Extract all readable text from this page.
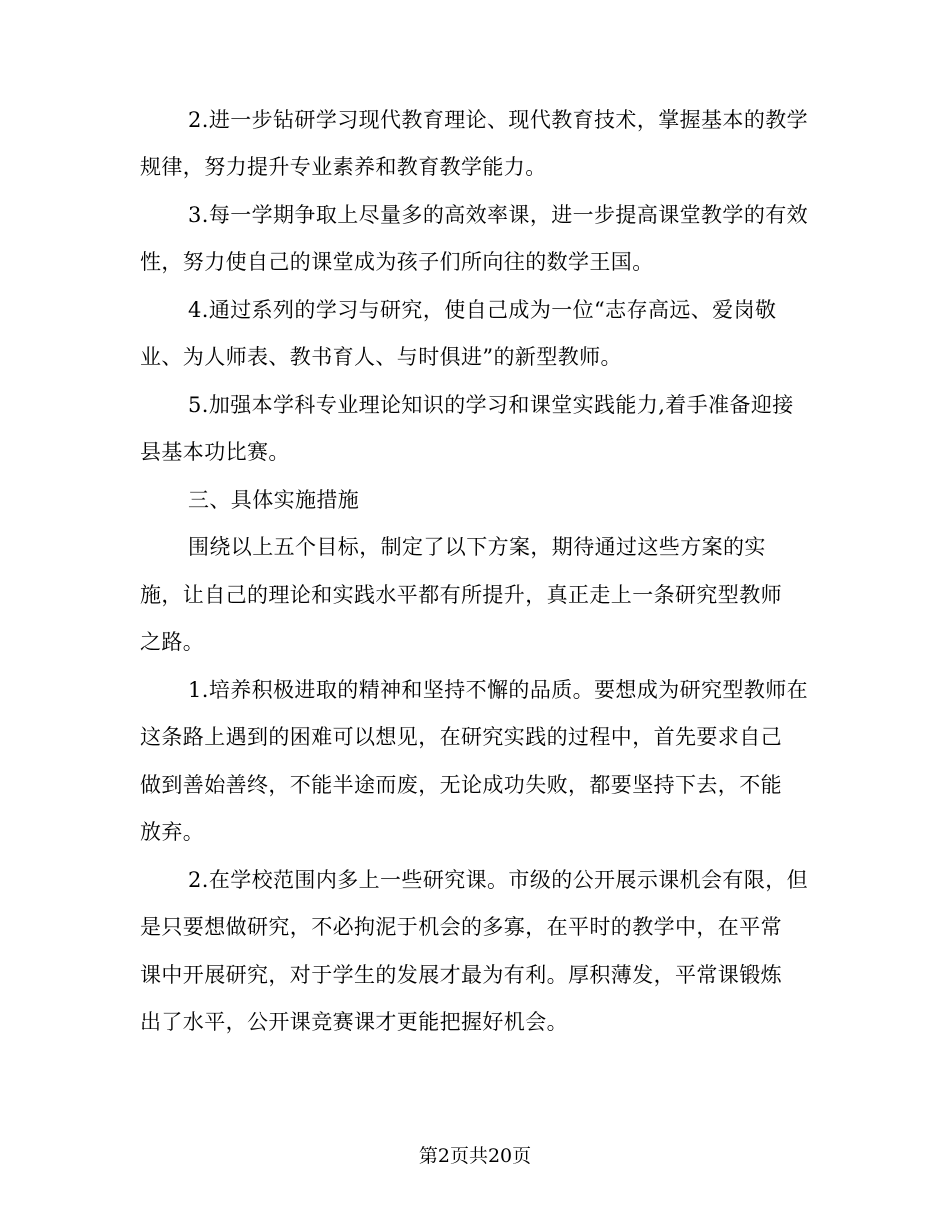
2.进一步钻研学习现代教育理论、现代教育技术，掌握基本的教学
规律，努力提升专业素养和教育教学能力。
3.每一学期争取上尽量多的高效率课，进一步提高课堂教学的有效
性，努力使自己的课堂成为孩子们所向往的数学王国。
4.通过系列的学习与研究，使自己成为一位“志存高远、爱岗敬
业、为人师表、教书育人、与时俱进”的新型教师。
5.加强本学科专业理论知识的学习和课堂实践能力,着手准备迎接
县基本功比赛。
三、具体实施措施
围绕以上五个目标，制定了以下方案，期待通过这些方案的实
施，让自己的理论和实践水平都有所提升，真正走上一条研究型教师
之路。
1.培养积极进取的精神和坚持不懈的品质。要想成为研究型教师在
这条路上遇到的困难可以想见，在研究实践的过程中，首先要求自己
做到善始善终，不能半途而废，无论成功失败，都要坚持下去，不能
放弃。
2.在学校范围内多上一些研究课。市级的公开展示课机会有限，但
是只要想做研究，不必拘泥于机会的多寡，在平时的教学中，在平常
课中开展研究，对于学生的发展才最为有利。厚积薄发，平常课锻炼
出了水平，公开课竞赛课才更能把握好机会。
第2页共20页
